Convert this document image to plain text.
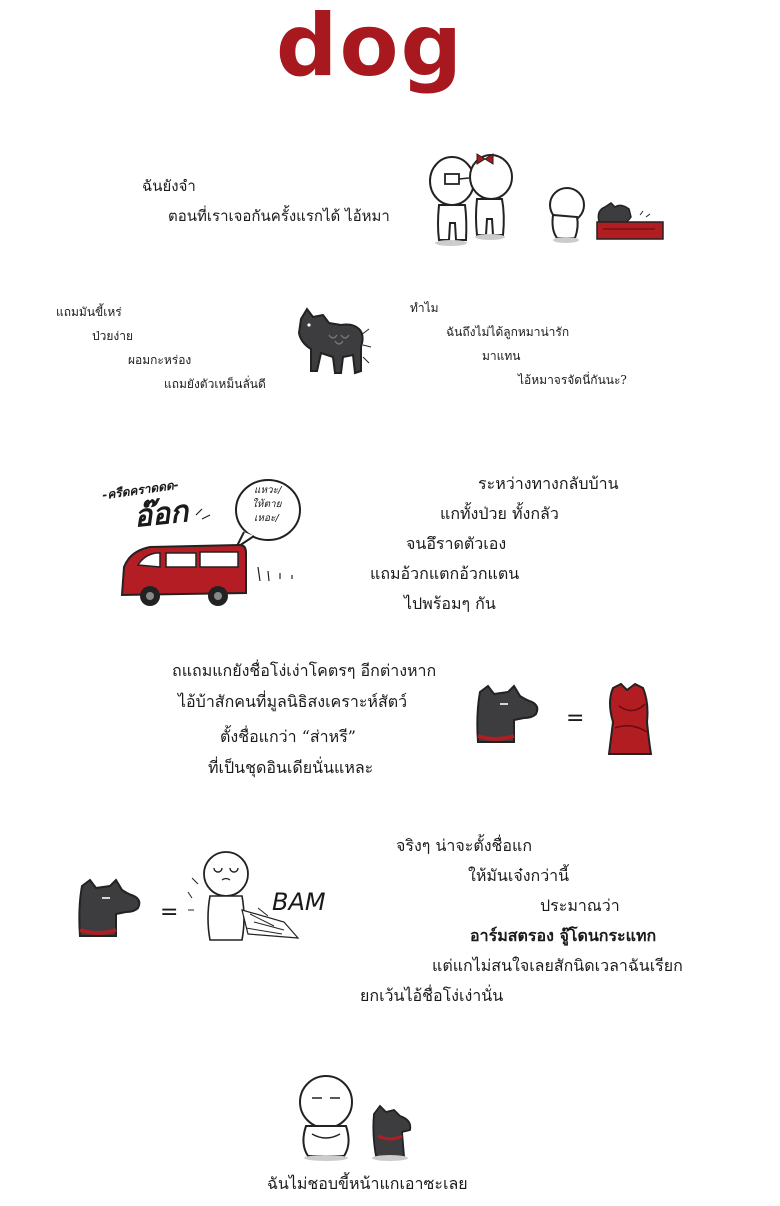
dog
ฉันยังจำ
ตอนที่เราเจอกันครั้งแรกได้ ไอ้หมา
แถมมันขี้เหร่
ป่วยง่าย
ผอมกะหร่อง
แถมยังตัวเหม็นลั่นดี
ทำไม
ฉันถึงไม่ได้ลูกหมาน่ารัก
มาแทน
ไอ้หมาจรจัดนี่กันนะ?
-ครืดคราดดด-
อ๊อก
แหวะ/
ให้ตาย
เหอะ/
ระหว่างทางกลับบ้าน
แกทั้งป่วย ทั้งกลัว
จนอึราดตัวเอง
แถมอ้วกแตกอ้วกแตน
ไปพร้อมๆ กัน
ถแถมแกยังชื่อโง่เง่าโคตรๆ อีกต่างหาก
ไอ้บ้าสักคนที่มูลนิธิสงเคราะห์สัตว์
ตั้งชื่อแกว่า “ส่าหรี”
ที่เป็นชุดอินเดียนั่นแหละ
=
=	BAM
จริงๆ น่าจะตั้งชื่อแก
ให้มันเจ๋งกว่านี้
ประมาณว่า
อาร์มสตรอง จู๊โดนกระแทก
แต่แกไม่สนใจเลยสักนิดเวลาฉันเรียก
ยกเว้นไอ้ชื่อโง่เง่านั่น
ฉันไม่ชอบขี้หน้าแกเอาซะเลย
